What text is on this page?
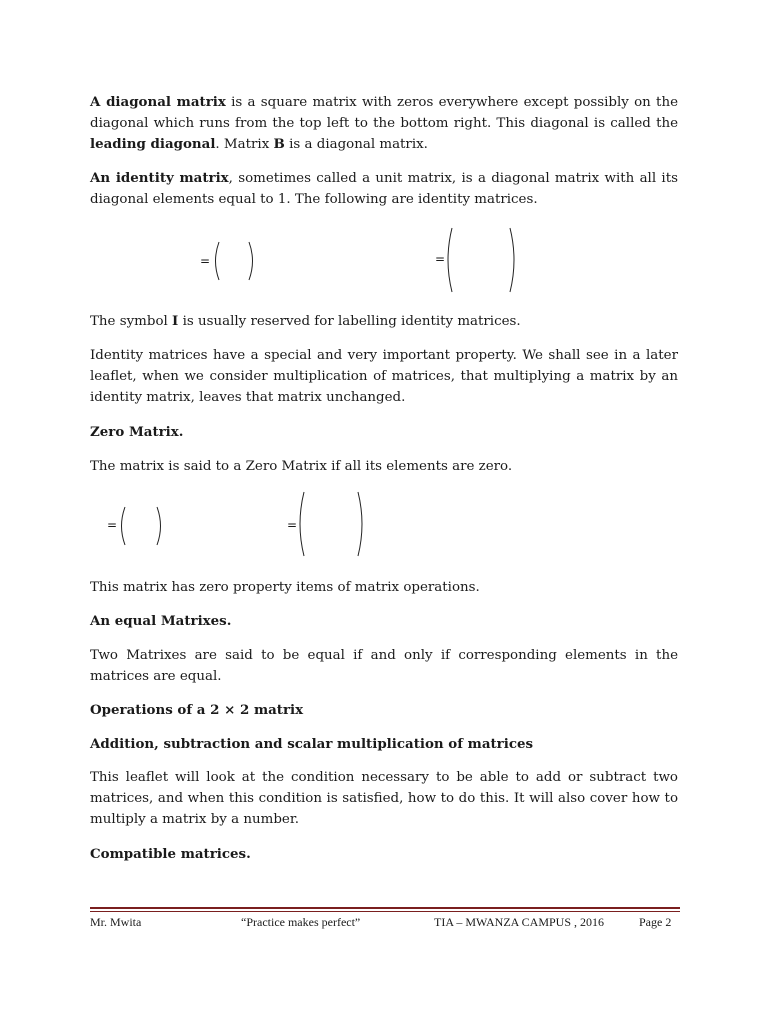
A diagonal matrix is a square matrix with zeros everywhere except possibly on the diagonal which runs from the top left to the bottom right. This diagonal is called the leading diagonal. Matrix B is a diagonal matrix.

An identity matrix, sometimes called a unit matrix, is a diagonal matrix with all its diagonal elements equal to 1. The following are identity matrices.

=	=

The symbol I is usually reserved for labelling identity matrices.

Identity matrices have a special and very important property. We shall see in a later leaflet, when we consider multiplication of matrices, that multiplying a matrix by an identity matrix, leaves that matrix unchanged.

Zero Matrix.

The matrix is said to a Zero Matrix if all its elements are zero.

=	=

This matrix has zero property items of matrix operations.

An equal Matrixes.

Two Matrixes are said to be equal if and only if corresponding elements in the matrices are equal.

Operations of a 2 × 2 matrix

Addition, subtraction and scalar multiplication of matrices

This leaflet will look at the condition necessary to be able to add or subtract two matrices, and when this condition is satisfied, how to do this. It will also cover how to multiply a matrix by a number.

Compatible matrices.

Mr. Mwita	“Practice makes perfect”	TIA – MWANZA CAMPUS , 2016	Page 2
